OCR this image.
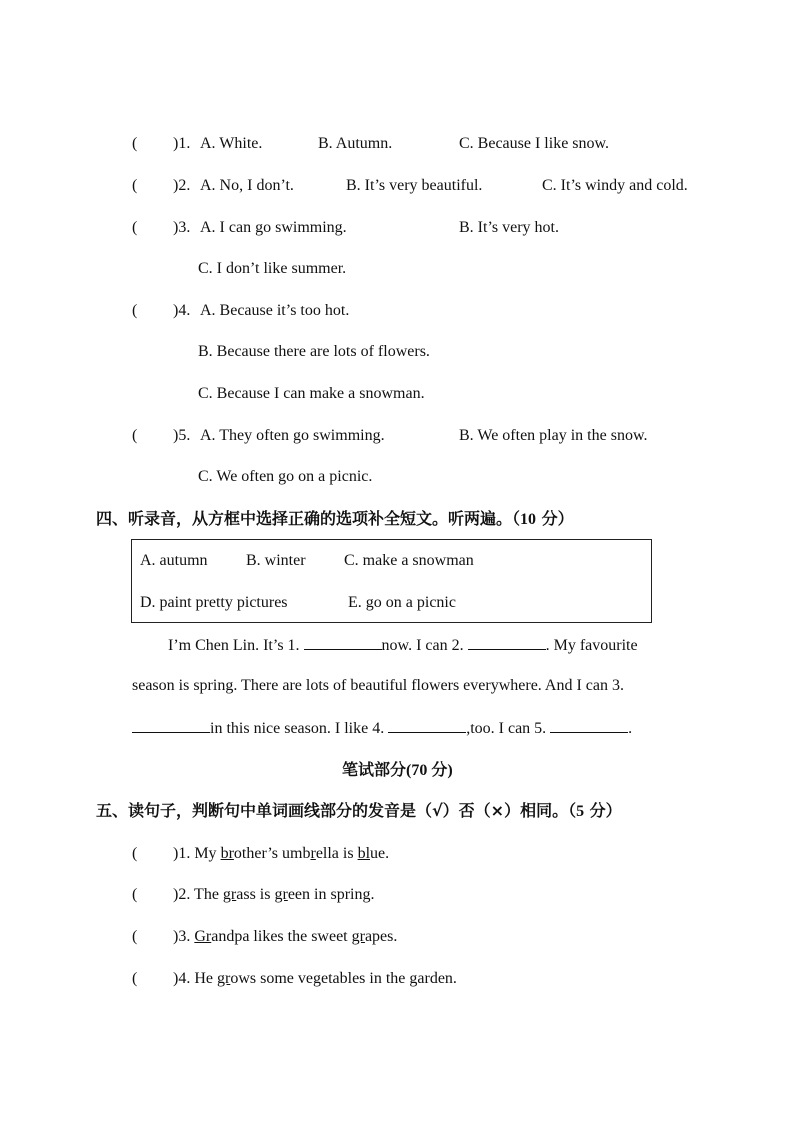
( )1. A. White.	B. Autumn.	C. Because I like snow.
( )2. A. No, I don’t.	B. It’s very beautiful.	C. It’s windy and cold.
( )3. A. I can go swimming.	B. It’s very hot.
C. I don’t like summer.
( )4. A. Because it’s too hot.
B. Because there are lots of flowers.
C. Because I can make a snowman.
( )5. A. They often go swimming.	B. We often play in the snow.
C. We often go on a picnic.
四、听录音，从方框中选择正确的选项补全短文。听两遍。（10 分）
A. autumn B. winter C. make a snowman
D. paint pretty pictures	E. go on a picnic
I’m Chen Lin. It’s 1.	now. I can 2.	. My favourite
season is spring. There are lots of beautiful flowers everywhere. And I can 3.
in this nice season. I like 4.	,too. I can 5.	.
笔试部分(70 分)
五、读句子，判断句中单词画线部分的发音是（√）否（×）相同。（5 分）
( )1. My brother’s umbrella is blue.
( )2. The grass is green in spring.
( )3. Grandpa likes the sweet grapes.
( )4. He grows some vegetables in the garden.
